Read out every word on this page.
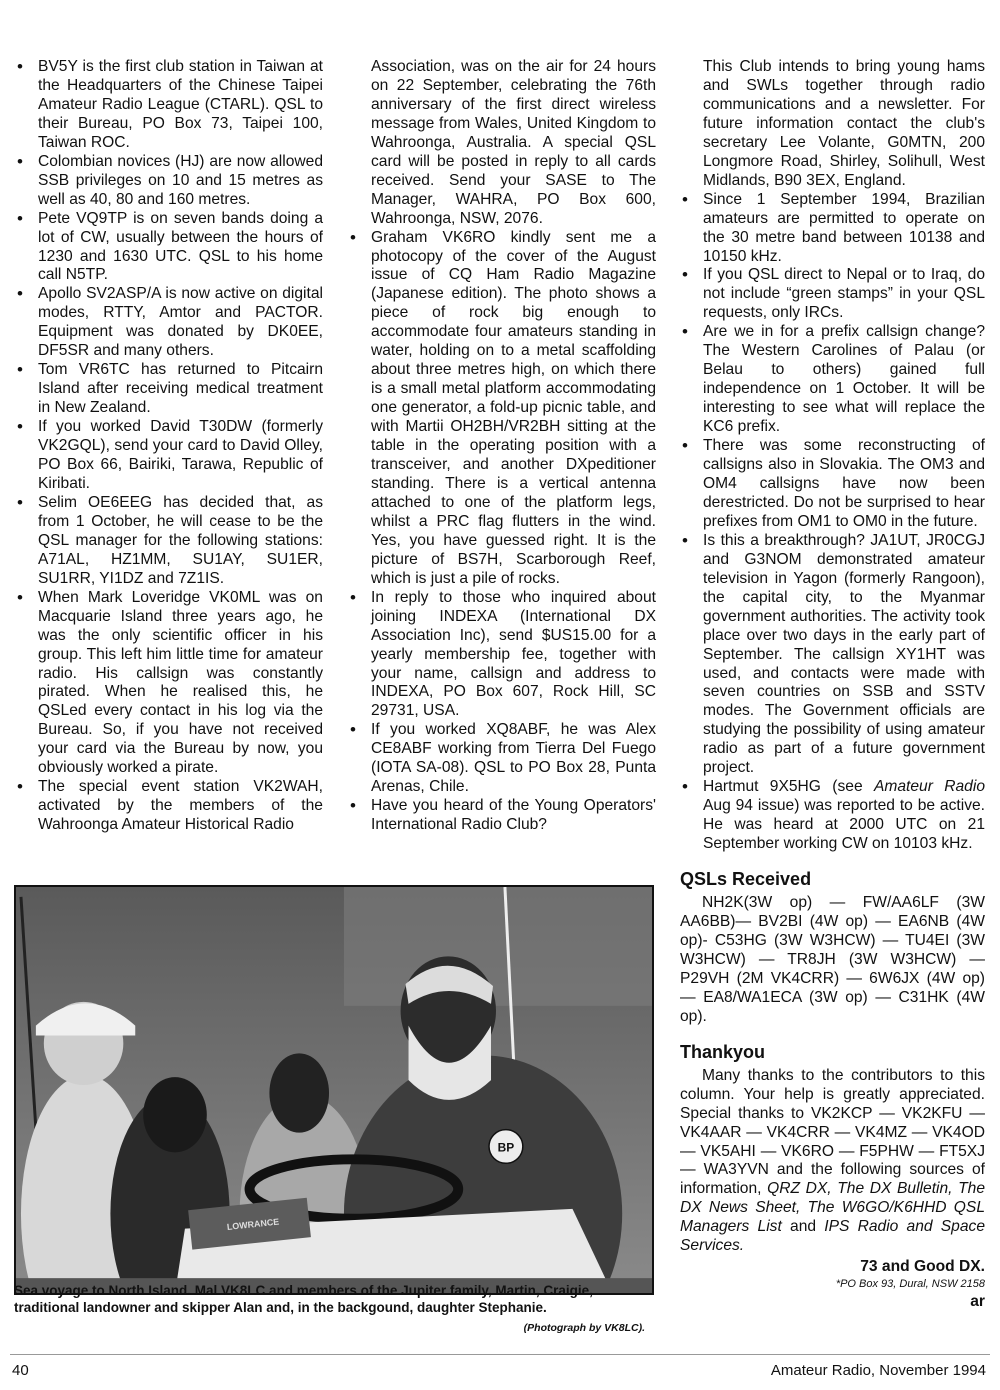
• BV5Y is the first club station in Taiwan at the Headquarters of the Chinese Taipei Amateur Radio League (CTARL). QSL to their Bureau, PO Box 73, Taipei 100, Taiwan ROC.
• Colombian novices (HJ) are now allowed SSB privileges on 10 and 15 metres as well as 40, 80 and 160 metres.
• Pete VQ9TP is on seven bands doing a lot of CW, usually between the hours of 1230 and 1630 UTC. QSL to his home call N5TP.
• Apollo SV2ASP/A is now active on digital modes, RTTY, Amtor and PACTOR. Equipment was donated by DK0EE, DF5SR and many others.
• Tom VR6TC has returned to Pitcairn Island after receiving medical treatment in New Zealand.
• If you worked David T30DW (formerly VK2GQL), send your card to David Olley, PO Box 66, Bairiki, Tarawa, Republic of Kiribati.
• Selim OE6EEG has decided that, as from 1 October, he will cease to be the QSL manager for the following stations: A71AL, HZ1MM, SU1AY, SU1ER, SU1RR, YI1DZ and 7Z1IS.
• When Mark Loveridge VK0ML was on Macquarie Island three years ago, he was the only scientific officer in his group. This left him little time for amateur radio. His callsign was constantly pirated. When he realised this, he QSLed every contact in his log via the Bureau. So, if you have not received your card via the Bureau by now, you obviously worked a pirate.
• The special event station VK2WAH, activated by the members of the Wahroonga Amateur Historical Radio

Association, was on the air for 24 hours on 22 September, celebrating the 76th anniversary of the first direct wireless message from Wales, United Kingdom to Wahroonga, Australia. A special QSL card will be posted in reply to all cards received. Send your SASE to The Manager, WAHRA, PO Box 600, Wahroonga, NSW, 2076.

• Graham VK6RO kindly sent me a photocopy of the cover of the August issue of CQ Ham Radio Magazine (Japanese edition). The photo shows a piece of rock big enough to accommodate four amateurs standing in water, holding on to a metal scaffolding about three metres high, on which there is a small metal platform accommodating one generator, a fold-up picnic table, and with Martii OH2BH/VR2BH sitting at the table in the operating position with a transceiver, and another DXpeditioner standing. There is a vertical antenna attached to one of the platform legs, whilst a PRC flag flutters in the wind. Yes, you have guessed right. It is the picture of BS7H, Scarborough Reef, which is just a pile of rocks.
• In reply to those who inquired about joining INDEXA (International DX Association Inc), send $US15.00 for a yearly membership fee, together with your name, callsign and address to INDEXA, PO Box 607, Rock Hill, SC 29731, USA.
• If you worked XQ8ABF, he was Alex CE8ABF working from Tierra Del Fuego (IOTA SA-08). QSL to PO Box 28, Punta Arenas, Chile.
• Have you heard of the Young Operators' International Radio Club?

This Club intends to bring young hams and SWLs together through radio communications and a newsletter. For future information contact the club's secretary Lee Volante, G0MTN, 200 Longmore Road, Shirley, Solihull, West Midlands, B90 3EX, England.

• Since 1 September 1994, Brazilian amateurs are permitted to operate on the 30 metre band between 10138 and 10150 kHz.
• If you QSL direct to Nepal or to Iraq, do not include “green stamps” in your QSL requests, only IRCs.
• Are we in for a prefix callsign change? The Western Carolines of Palau (or Belau to others) gained full independence on 1 October. It will be interesting to see what will replace the KC6 prefix.
• There was some reconstructing of callsigns also in Slovakia. The OM3 and OM4 callsigns have now been derestricted. Do not be surprised to hear prefixes from OM1 to OM0 in the future.
• Is this a breakthrough? JA1UT, JR0CGJ and G3NOM demonstrated amateur television in Yagon (formerly Rangoon), the capital city, to the Myanmar government authorities. The activity took place over two days in the early part of September. The callsign XY1HT was used, and contacts were made with seven countries on SSB and SSTV modes. The Government officials are studying the possibility of using amateur radio as part of a future government project.
• Hartmut 9X5HG (see Amateur Radio Aug 94 issue) was reported to be active. He was heard at 2000 UTC on 21 September working CW on 10103 kHz.
QSLs Received

NH2K(3W op) — FW/AA6LF (3W AA6BB)— BV2BI (4W op) — EA6NB (4W op)- C53HG (3W W3HCW) — TU4EI (3W W3HCW) — TR8JH (3W W3HCW) — P29VH (2M VK4CRR) — 6W6JX (4W op) — EA8/WA1ECA (3W op) — C31HK (4W op).

Thankyou

Many thanks to the contributors to this column. Your help is greatly appreciated. Special thanks to VK2KCP — VK2KFU — VK4AAR — VK4CRR — VK4MZ — VK4OD — VK5AHI — VK6RO — F5PHW — FT5XJ — WA3YVN and the following sources of information, QRZ DX, The DX Bulletin, The DX News Sheet, The W6GO/K6HHD QSL Managers List and IPS Radio and Space Services.

73 and Good DX.

*PO Box 93, Dural, NSW 2158

ar

BP
LOWRANCE

Sea voyage to North Island. Mal VK8LC and members of the Jupiter family, Martin, Craigie, traditional landowner and skipper Alan and, in the backgound, daughter Stephanie.

(Photograph by VK8LC).

40	Amateur Radio, November 1994
